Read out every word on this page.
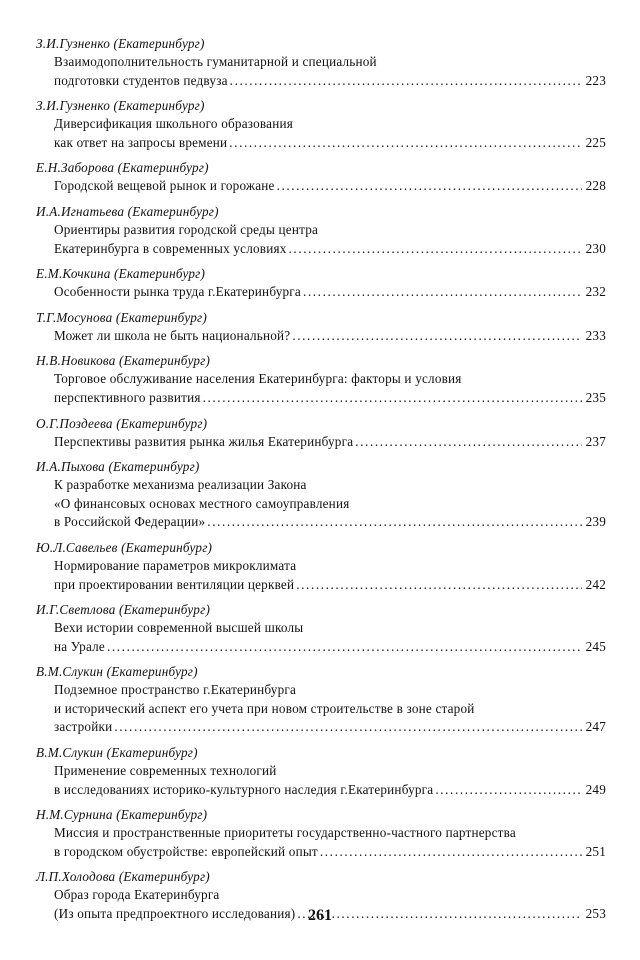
З.И.Гузненко (Екатеринбург)
Взаимодополнительность гуманитарной и специальной
подготовки студентов педвуза .....	223
З.И.Гузненко (Екатеринбург)
Диверсификация школьного образования
как ответ на запросы времени .....	225
Е.Н.Заборова (Екатеринбург)
Городской вещевой рынок и горожане .....	228
И.А.Игнатьева (Екатеринбург)
Ориентиры развития городской среды центра
Екатеринбурга в современных условиях .....	230
Е.М.Кочкина (Екатеринбург)
Особенности рынка труда г.Екатеринбурга .....	232
Т.Г.Мосунова (Екатеринбург)
Может ли школа не быть национальной? .....	233
Н.В.Новикова (Екатеринбург)
Торговое обслуживание населения Екатеринбурга: факторы и условия
перспективного развития .....	235
О.Г.Поздеева (Екатеринбург)
Перспективы развития рынка жилья Екатеринбурга .....	237
И.А.Пыхова (Екатеринбург)
К разработке механизма реализации Закона
«О финансовых основах местного самоуправления
в Российской Федерации» .....	239
Ю.Л.Савельев (Екатеринбург)
Нормирование параметров микроклимата
при проектировании вентиляции церквей .....	242
И.Г.Светлова (Екатеринбург)
Вехи истории современной высшей школы
на Урале .....	245
В.М.Слукин (Екатеринбург)
Подземное пространство г.Екатеринбурга
и исторический аспект его учета при новом строительстве в зоне старой
застройки .....	247
В.М.Слукин (Екатеринбург)
Применение современных технологий
в исследованиях историко-культурного наследия г.Екатеринбурга .....	249
Н.М.Сурнина (Екатеринбург)
Миссия и пространственные приоритеты государственно-частного партнерства
в городском обустройстве: европейский опыт .....	251
Л.П.Холодова (Екатеринбург)
Образ города Екатеринбурга
(Из опыта предпроектного исследования) .....	253
261
